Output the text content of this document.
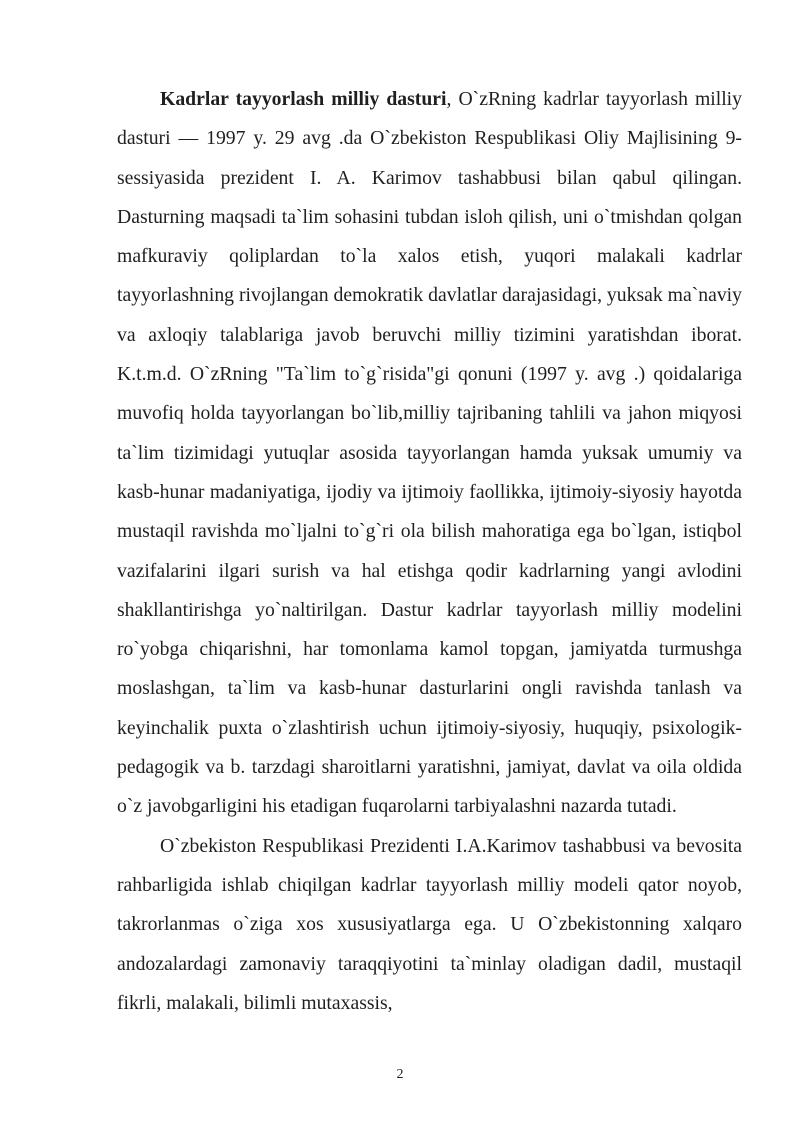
Kadrlar tayyorlash milliy dasturi, O`zRning kadrlar tayyorlash milliy dasturi — 1997 y. 29 avg .da O`zbekiston Respublikasi Oliy Majlisining 9-sessiyasida prezident I. A. Karimov tashabbusi bilan qabul qilingan. Dasturning maqsadi ta`lim sohasini tubdan isloh qilish, uni o`tmishdan qolgan mafkuraviy qoliplardan to`la xalos etish, yuqori malakali kadrlar tayyorlashning rivojlangan demokratik davlatlar darajasidagi, yuksak ma`naviy va axloqiy talablariga javob beruvchi milliy tizimini yaratishdan iborat. K.t.m.d. O`zRning "Ta`lim to`g`risida"gi qonuni (1997 y. avg .) qoidalariga muvofiq holda tayyorlangan bo`lib,milliy tajribaning tahlili va jahon miqyosi ta`lim tizimidagi yutuqlar asosida tayyorlangan hamda yuksak umumiy va kasb-hunar madaniyatiga, ijodiy va ijtimoiy faollikka, ijtimoiy-siyosiy hayotda mustaqil ravishda mo`ljalni to`g`ri ola bilish mahoratiga ega bo`lgan, istiqbol vazifalarini ilgari surish va hal etishga qodir kadrlarning yangi avlodini shakllantirishga yo`naltirilgan. Dastur kadrlar tayyorlash milliy modelini ro`yobga chiqarishni, har tomonlama kamol topgan, jamiyatda turmushga moslashgan, ta`lim va kasb-hunar dasturlarini ongli ravishda tanlash va keyinchalik puxta o`zlashtirish uchun ijtimoiy-siyosiy, huquqiy, psixologik-pedagogik va b. tarzdagi sharoitlarni yaratishni, jamiyat, davlat va oila oldida o`z javobgarligini his etadigan fuqarolarni tarbiyalashni nazarda tutadi.

O`zbekiston Respublikasi Prezidenti I.A.Karimov tashabbusi va bevosita rahbarligida ishlab chiqilgan kadrlar tayyorlash milliy modeli qator noyob, takrorlanmas o`ziga xos xususiyatlarga ega. U O`zbekistonning xalqaro andozalardagi zamonaviy taraqqiyotini ta`minlay oladigan dadil, mustaqil fikrli, malakali, bilimli mutaxassis,

2
